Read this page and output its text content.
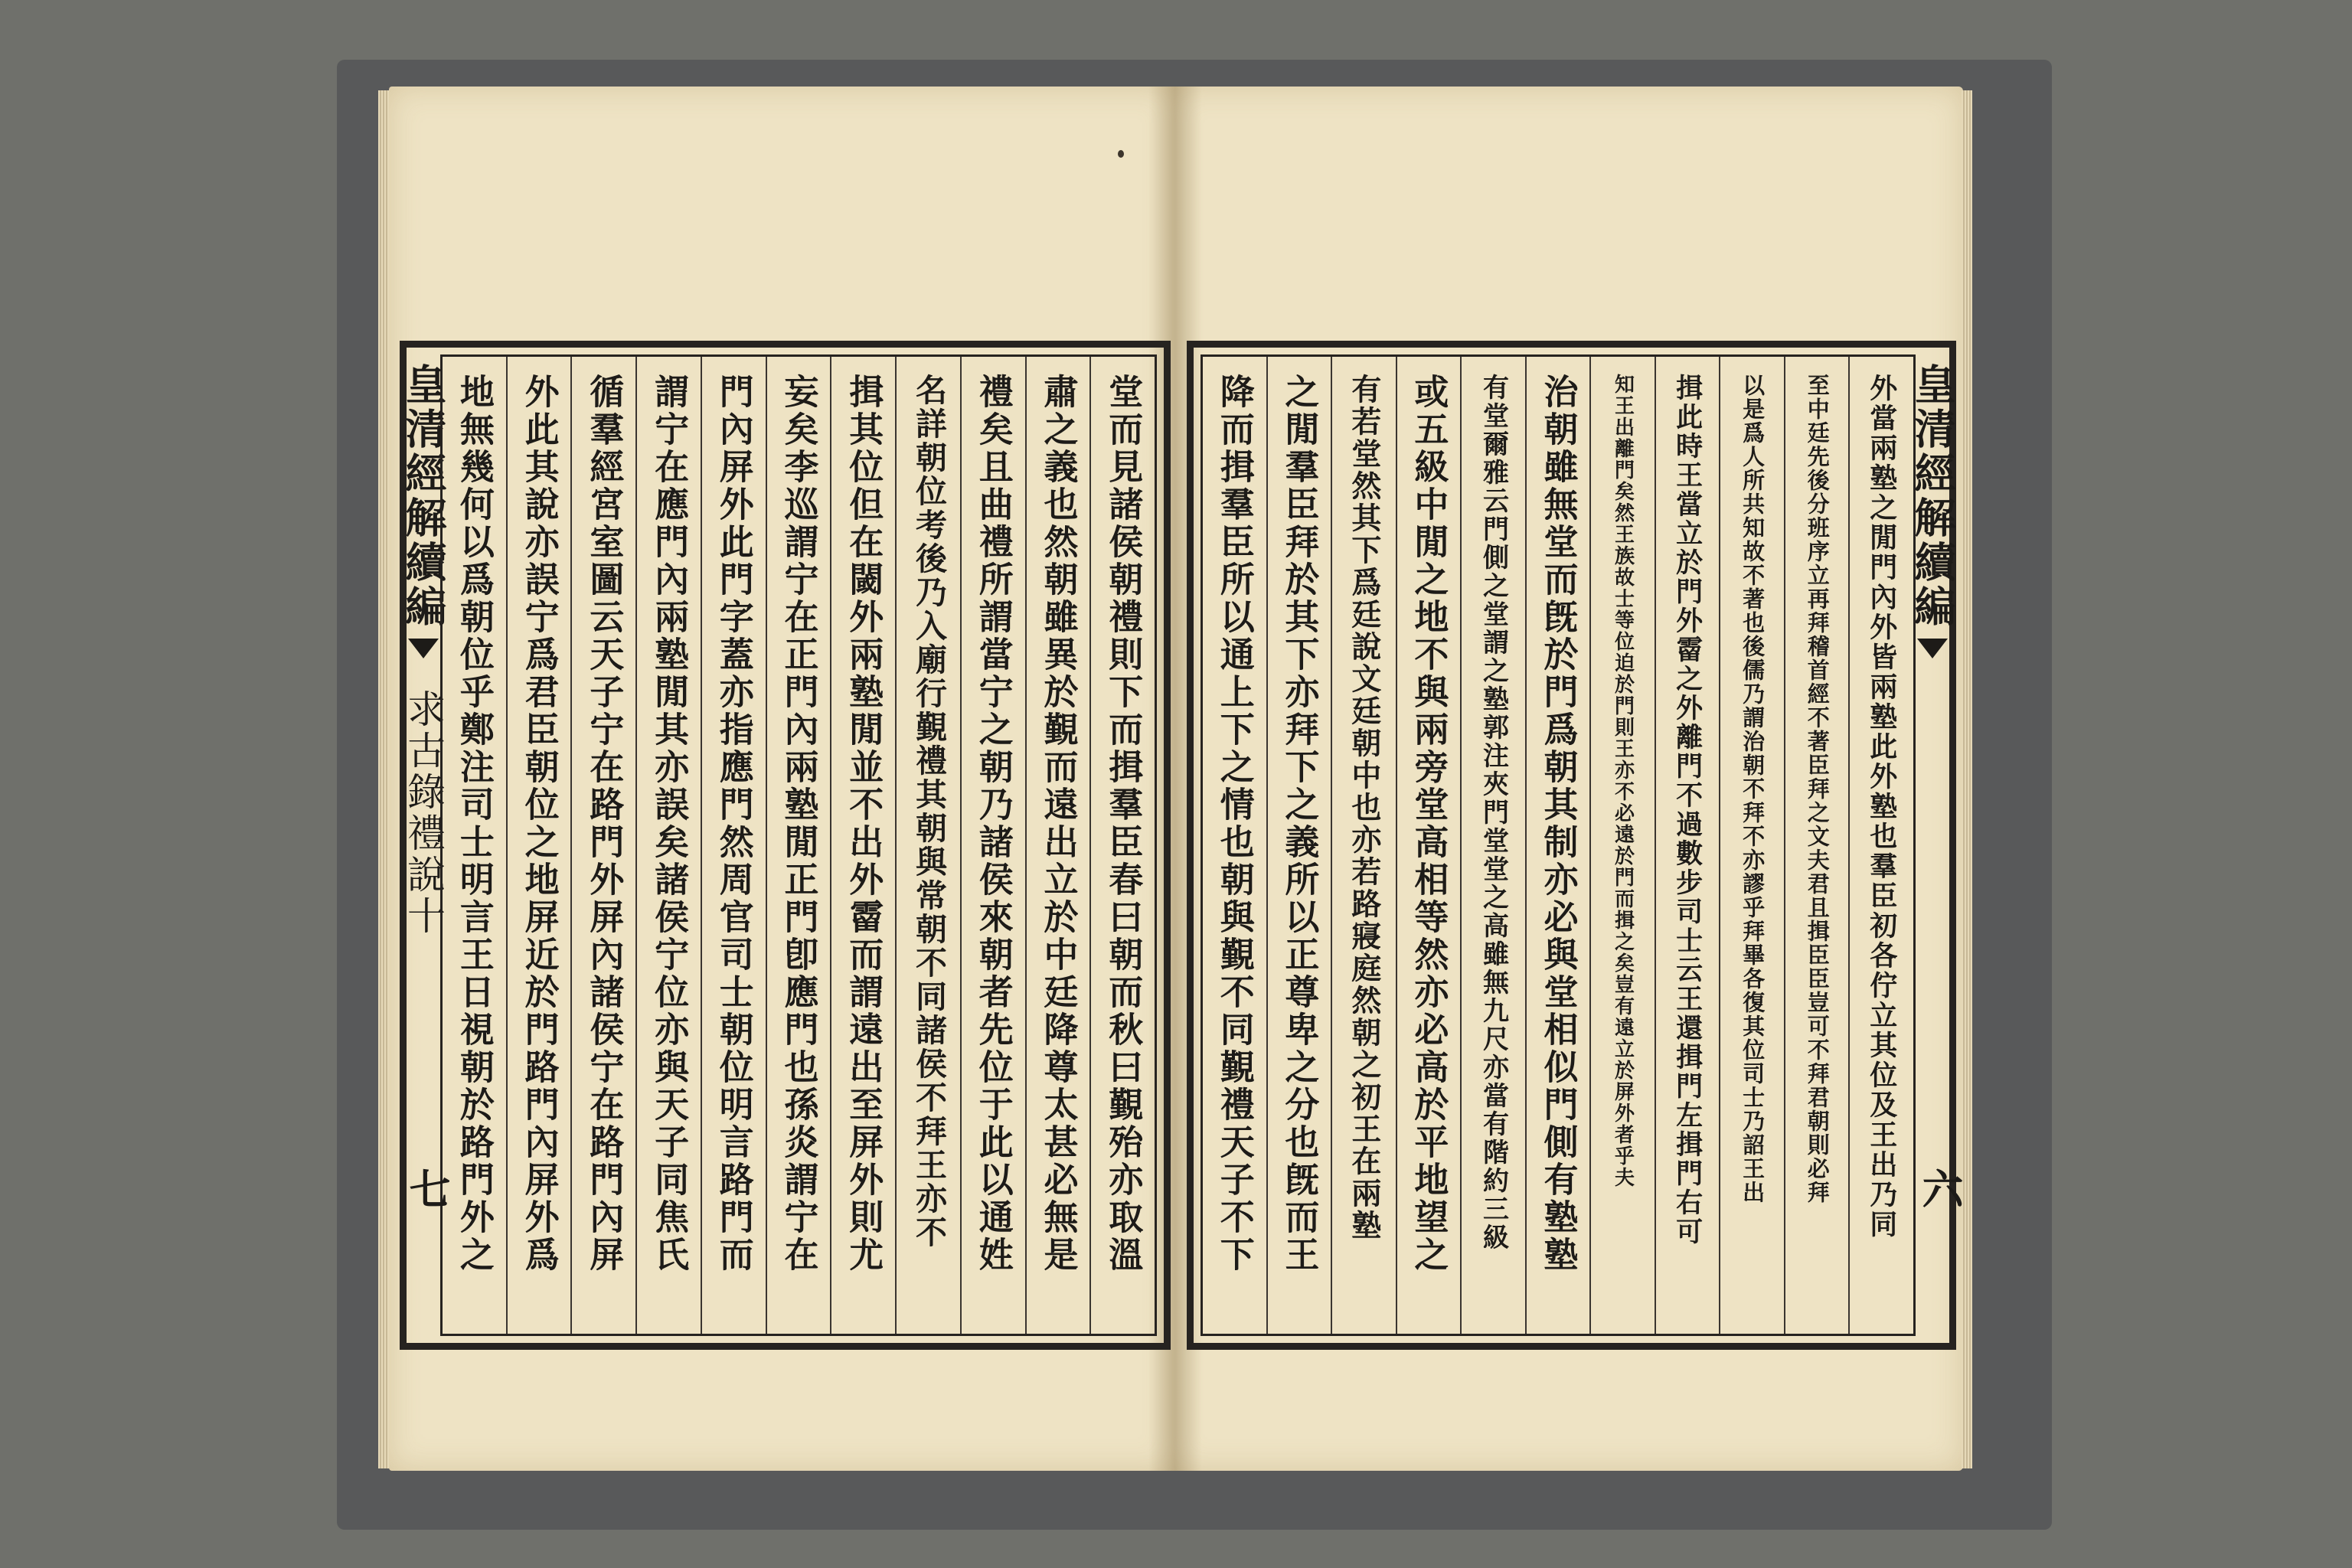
皇清經解續編
求古錄禮說十 地無幾何以爲朝位乎鄭注司士明言王日視朝於路門外之 外此其說亦誤宁爲君臣朝位之地屏近於門路門內屏外爲 循羣經宮室圖云天子宁在路門外屏內諸侯宁在路門內屏 謂宁在應門內兩塾閒其亦誤矣諸侯宁位亦與天子同焦氏 門內屏外此門字蓋亦指應門然周官司士朝位明言路門而 妄矣李巡謂宁在正門內兩塾閒正門卽應門也孫炎謂宁在 揖其位但在閾外兩塾閒並不出外霤而謂遠出至屏外則尤 名詳朝位考後乃入廟行覲禮其朝與常朝不同諸侯不拜王亦不 禮矣且曲禮所謂當宁之朝乃諸侯來朝者先位于此以通姓 肅之義也然朝雖異於覲而遠出立於中廷降尊太甚必無是 堂而見諸侯朝禮則下而揖羣臣春曰朝而秋曰覲殆亦取溫
七	降而揖羣臣所以通上下之情也朝與覲不同覲禮天子不下 之閒羣臣拜於其下亦拜下之義所以正尊卑之分也旣而王 有若堂然其下爲廷說文廷朝中也亦若路寢庭然朝之初王在兩塾 或五級中閒之地不與兩旁堂高相等然亦必高於平地望之 有堂爾雅云門側之堂謂之塾郭注夾門堂堂之高雖無九尺亦當有階約三級 治朝雖無堂而旣於門爲朝其制亦必與堂相似門側有塾塾 知王出離門矣然王族故士等位迫於門則王亦不必遠於門而揖之矣豈有遠立於屏外者乎夫 揖此時王當立於門外霤之外離門不過數步司士云王還揖門左揖門右可 以是爲人所共知故不著也後儒乃謂治朝不拜不亦謬乎拜畢各復其位司士乃詔王出 至中廷先後分班序立再拜稽首經不著臣拜之文夫君且揖臣臣豈可不拜君朝則必拜 外當兩塾之閒門內外皆兩塾此外塾也羣臣初各佇立其位及王出乃同 皇清經解續編
六
